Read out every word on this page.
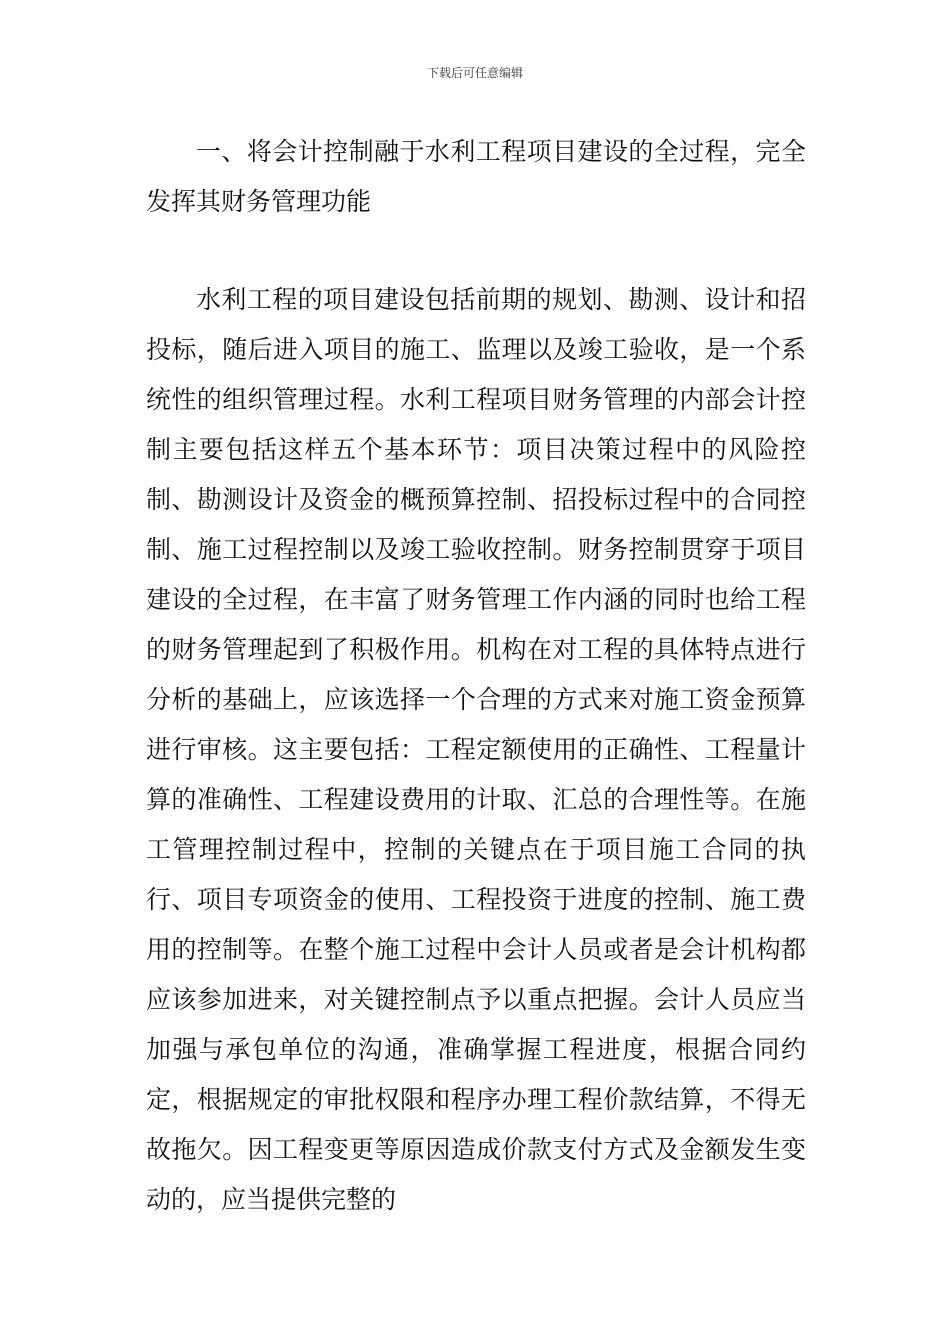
下载后可任意编辑

一、将会计控制融于水利工程项目建设的全过程，完全发挥其财务管理功能

水利工程的项目建设包括前期的规划、勘测、设计和招投标，随后进入项目的施工、监理以及竣工验收，是一个系统性的组织管理过程。水利工程项目财务管理的内部会计控制主要包括这样五个基本环节：项目决策过程中的风险控制、勘测设计及资金的概预算控制、招投标过程中的合同控制、施工过程控制以及竣工验收控制。财务控制贯穿于项目建设的全过程，在丰富了财务管理工作内涵的同时也给工程的财务管理起到了积极作用。机构在对工程的具体特点进行分析的基础上，应该选择一个合理的方式来对施工资金预算进行审核。这主要包括：工程定额使用的正确性、工程量计算的准确性、工程建设费用的计取、汇总的合理性等。在施工管理控制过程中，控制的关键点在于项目施工合同的执行、项目专项资金的使用、工程投资于进度的控制、施工费用的控制等。在整个施工过程中会计人员或者是会计机构都应该参加进来，对关键控制点予以重点把握。会计人员应当加强与承包单位的沟通，准确掌握工程进度，根据合同约定，根据规定的审批权限和程序办理工程价款结算，不得无故拖欠。因工程变更等原因造成价款支付方式及金额发生变动的，应当提供完整的
